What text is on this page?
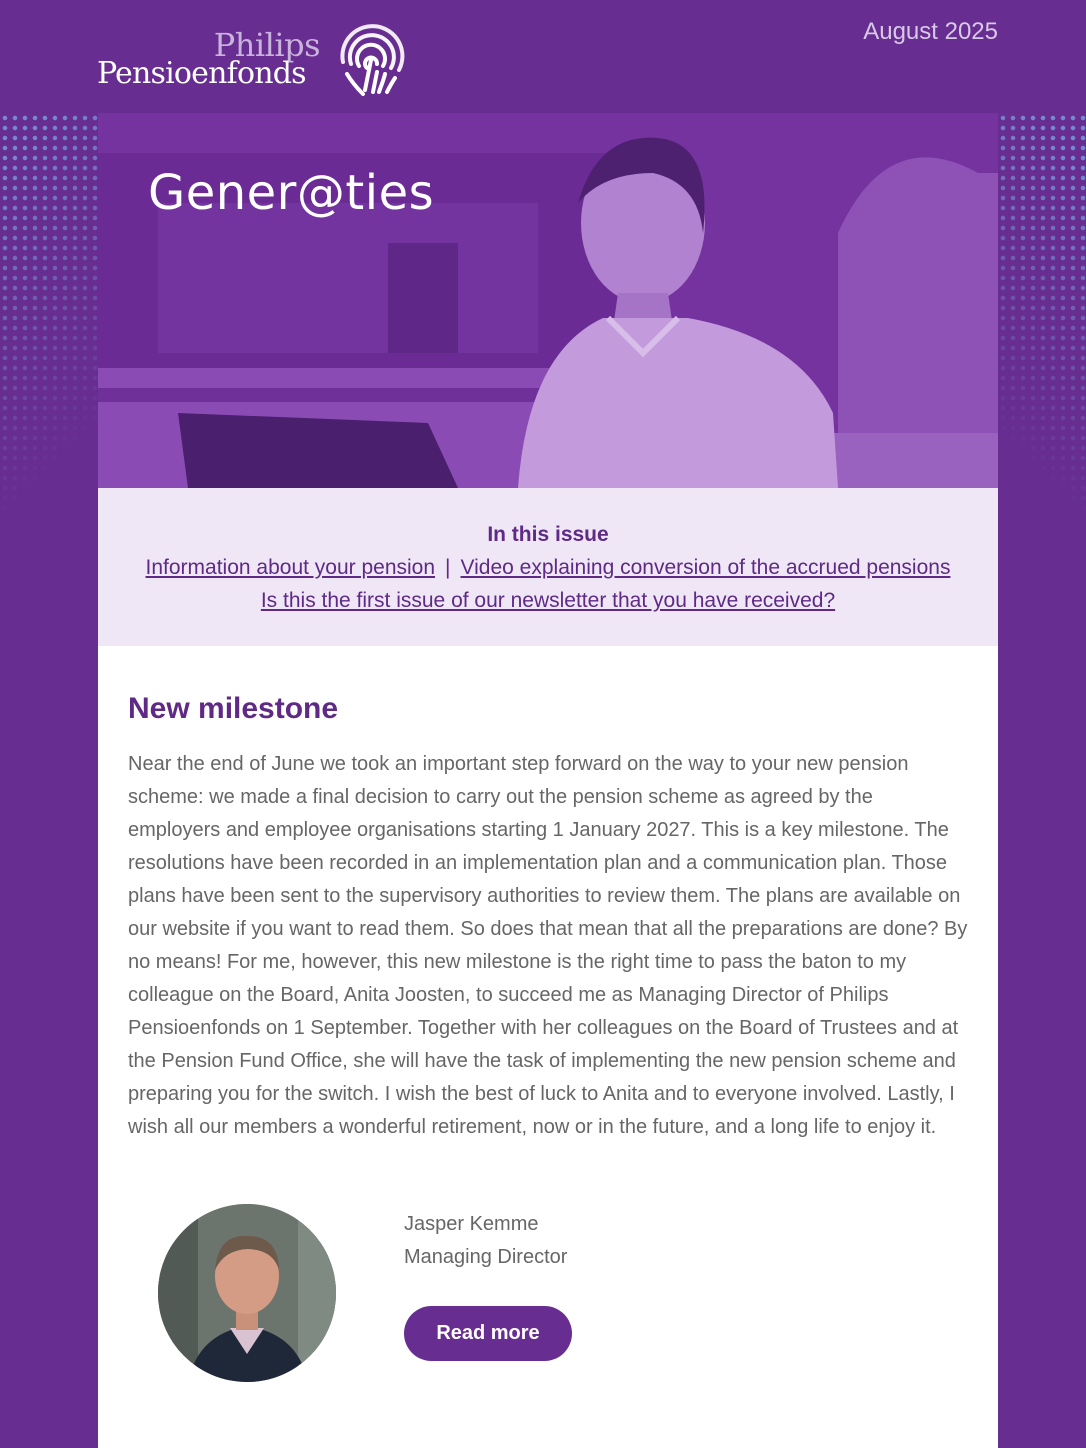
Philips
Pensioenfonds
August 2025
Gener@ties
In this issue
Information about your pension | Video explaining conversion of the accrued pensions
Is this the first issue of our newsletter that you have received?
New milestone

Near the end of June we took an important step forward on the way to your new pension scheme: we made a final decision to carry out the pension scheme as agreed by the employers and employee organisations starting 1 January 2027. This is a key milestone. The resolutions have been recorded in an implementation plan and a communication plan. Those plans have been sent to the supervisory authorities to review them. The plans are available on our website if you want to read them. So does that mean that all the preparations are done? By no means! For me, however, this new milestone is the right time to pass the baton to my colleague on the Board, Anita Joosten, to succeed me as Managing Director of Philips Pensioenfonds on 1 September. Together with her colleagues on the Board of Trustees and at the Pension Fund Office, she will have the task of implementing the new pension scheme and preparing you for the switch. I wish the best of luck to Anita and to everyone involved. Lastly, I wish all our members a wonderful retirement, now or in the future, and a long life to enjoy it.

Jasper Kemme
Managing Director
Read more
